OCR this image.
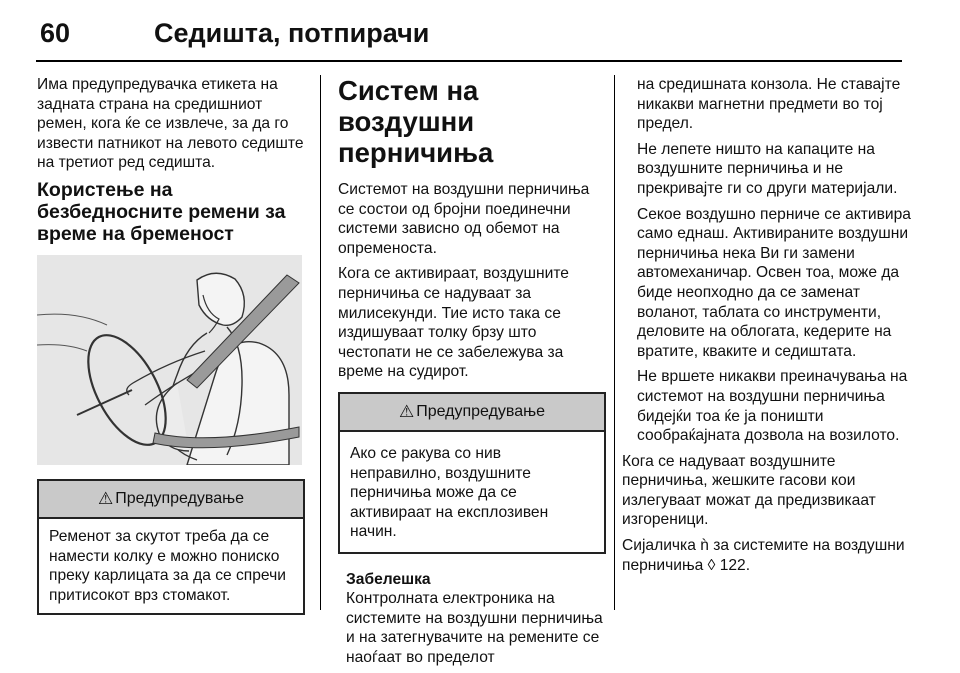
60	Седишта, потпирачи

Има предупредувачка етикета на задната страна на средишниот ремен, кога ќе се извлече, за да го извести патникот на левото седиште на третиот ред седишта.

Користење на безбедносните ремени за време на бременост
⚠ Предупредување

Ременот за скутот треба да се намести колку е можно пониско преку карлицата за да се спречи притисокот врз стомакот.

Систем на воздушни перничиња

Системот на воздушни перничиња се состои од бројни поединечни системи зависно од обемот на опременоста.

Кога се активираат, воздушните перничиња се надуваат за милисекунди. Тие исто така се издишуваат толку брзу што честопати не се забележува за време на судирот.

⚠ Предупредување

Ако се ракува со нив неправилно, воздушните перничиња може да се активираат на експлозивен начин.

Забелешка

Контролната електроника на системите на воздушни перничиња и на затегнувачите на ремените се наоѓаат во пределот

на средишната конзола. Не ставајте никакви магнетни предмети во тој предел.

Не лепете ништо на капаците на воздушните перничиња и не прекривајте ги со други материјали.

Секое воздушно перниче се активира само еднаш. Активираните воздушни перничиња нека Ви ги замени автомеханичар. Освен тоа, може да биде неопходно да се заменат воланот, таблата со инструменти, деловите на облогата, кедерите на вратите, кваките и седиштата.

Не вршете никакви преиначувања на системот на воздушни перничиња бидејќи тоа ќе ја поништи сообраќајната дозвола на возилото.

Кога се надуваат воздушните перничиња, жешките гасови кои излегуваат можат да предизвикаат изгореници.

Сијаличка ǹ за системите на воздушни перничиња ◊ 122.
